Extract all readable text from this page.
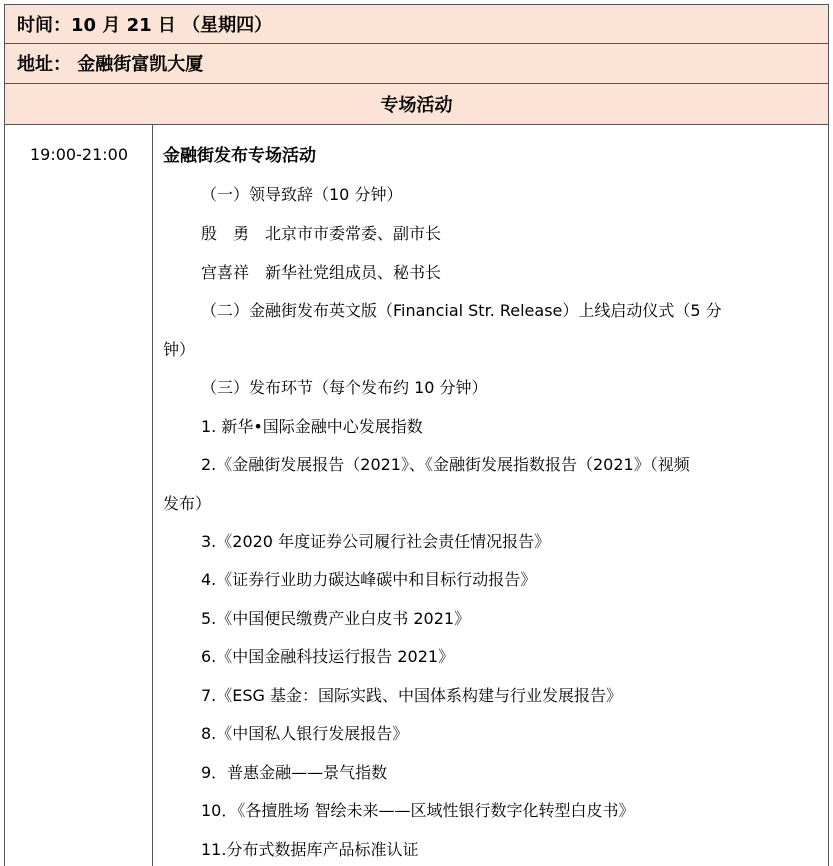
时间：10 月 21 日 （星期四）
地址： 金融街富凯大厦
专场活动
19:00-21:00	金融街发布专场活动
（一）领导致辞（10 分钟）
殷　勇　北京市市委常委、副市长
宫喜祥　新华社党组成员、秘书长
（二）金融街发布英文版（Financial Str. Release）上线启动仪式（5 分
钟）
（三）发布环节（每个发布约 10 分钟）
1. 新华•国际金融中心发展指数
2.《金融街发展报告（2021》、《金融街发展指数报告（2021》（视频
发布）
3.《2020 年度证券公司履行社会责任情况报告》
4.《证券行业助力碳达峰碳中和目标行动报告》
5.《中国便民缴费产业白皮书 2021》
6.《中国金融科技运行报告 2021》
7.《ESG 基金：国际实践、中国体系构建与行业发展报告》
8.《中国私人银行发展报告》
9．普惠金融——景气指数
10．《各擅胜场 智绘未来——区域性银行数字化转型白皮书》
11.分布式数据库产品标准认证
